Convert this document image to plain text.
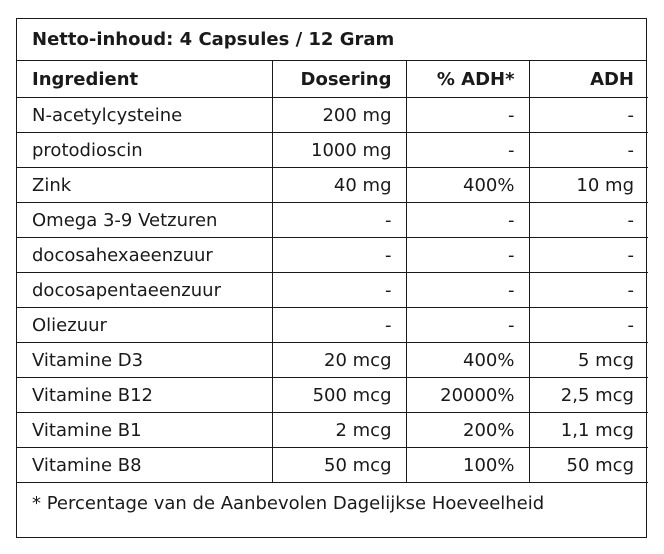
Netto-inhoud: 4 Capsules / 12 Gram
Ingredient	Dosering	% ADH*	ADH
N-acetylcysteine	200 mg	-	-
protodioscin	1000 mg	-	-
Zink	40 mg	400%	10 mg
Omega 3-9 Vetzuren	-	-	-
docosahexaeenzuur	-	-	-
docosapentaeenzuur	-	-	-
Oliezuur	-	-	-
Vitamine D3	20 mcg	400%	5 mcg
Vitamine B12	500 mcg	20000%	2,5 mcg
Vitamine B1	2 mcg	200%	1,1 mcg
Vitamine B8	50 mcg	100%	50 mcg
* Percentage van de Aanbevolen Dagelijkse Hoeveelheid
